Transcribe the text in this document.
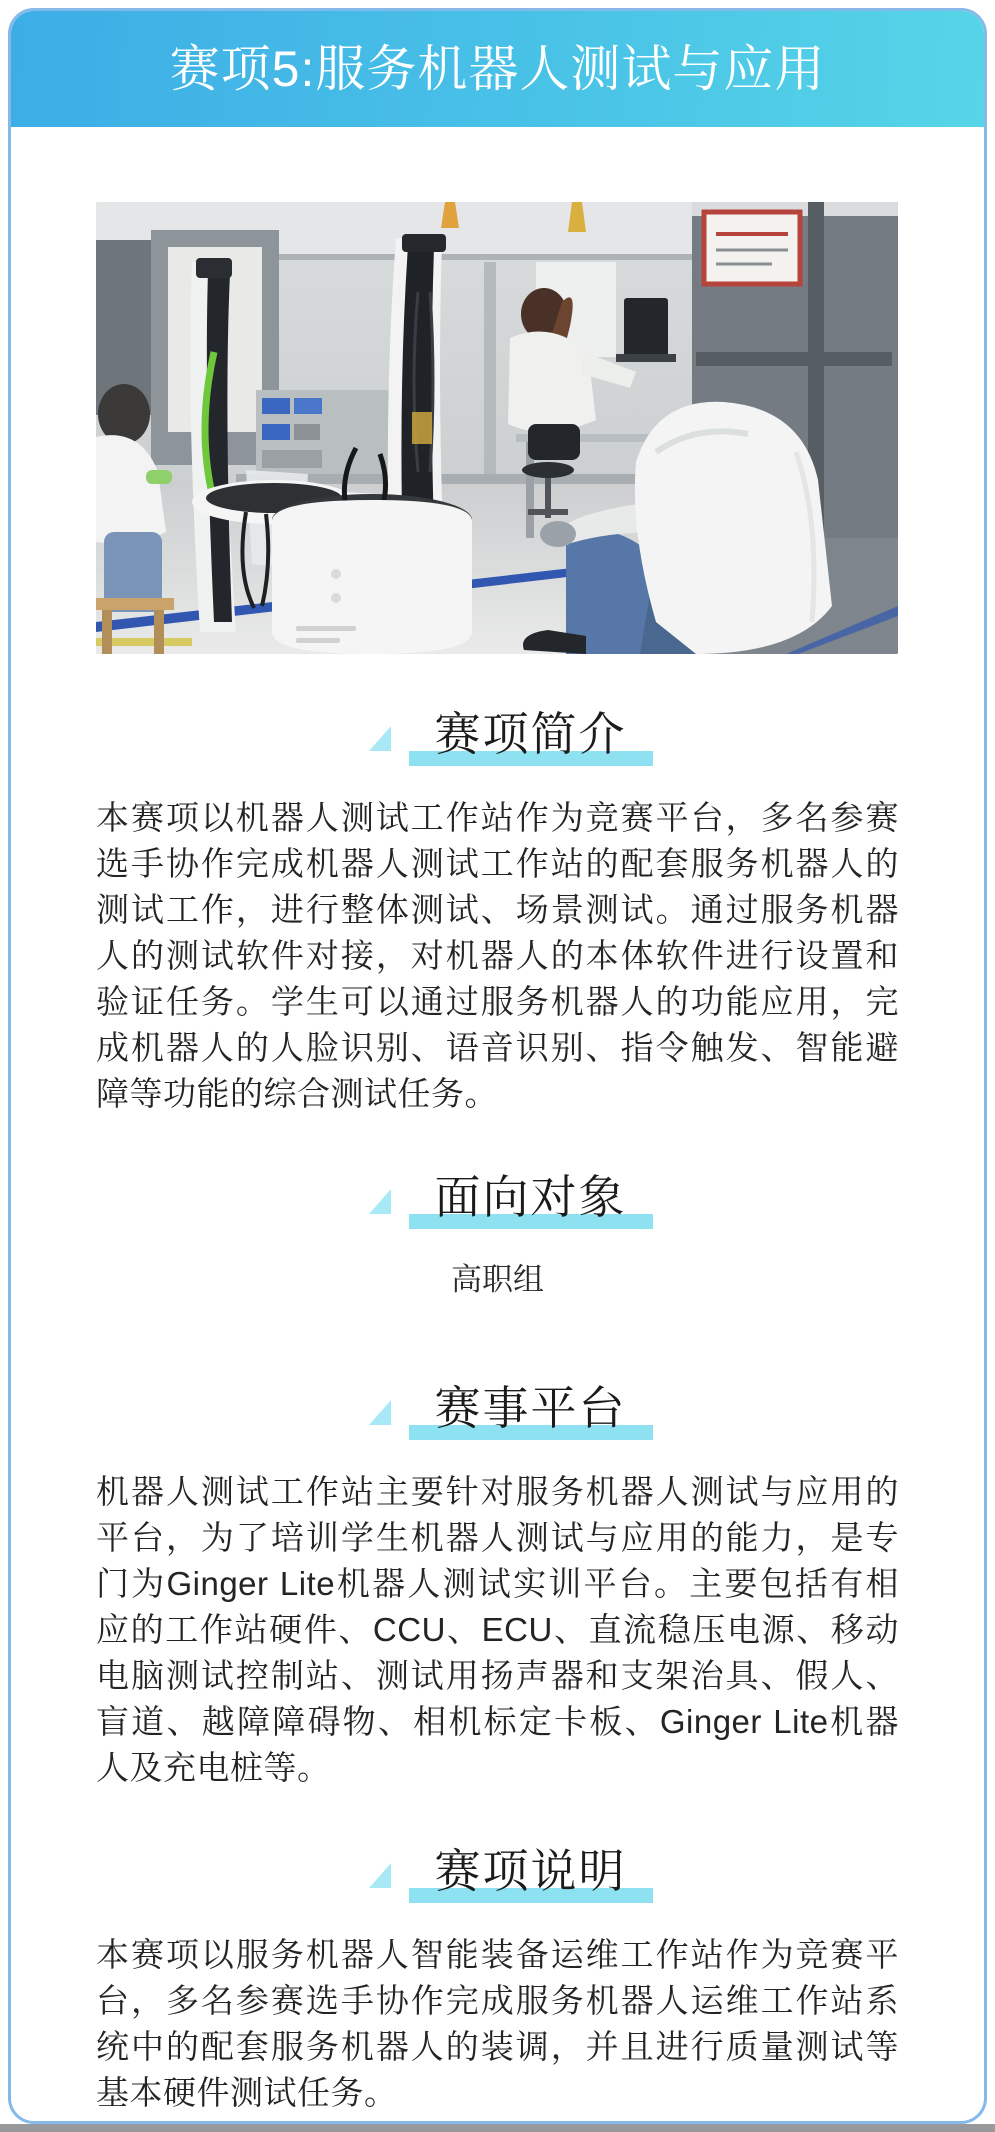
赛项5:服务机器人测试与应用
赛项简介

本赛项以机器人测试工作站作为竞赛平台，多名参赛选手协作完成机器人测试工作站的配套服务机器人的测试工作，进行整体测试、场景测试。通过服务机器人的测试软件对接，对机器人的本体软件进行设置和验证任务。学生可以通过服务机器人的功能应用，完成机器人的人脸识别、语音识别、指令触发、智能避障等功能的综合测试任务。

面向对象

高职组

赛事平台

机器人测试工作站主要针对服务机器人测试与应用的平台，为了培训学生机器人测试与应用的能力，是专门为Ginger Lite机器人测试实训平台。主要包括有相应的工作站硬件、CCU、ECU、直流稳压电源、移动电脑测试控制站、测试用扬声器和支架治具、假人、盲道、越障障碍物、相机标定卡板、Ginger Lite机器人及充电桩等。

赛项说明

本赛项以服务机器人智能装备运维工作站作为竞赛平台，多名参赛选手协作完成服务机器人运维工作站系统中的配套服务机器人的装调，并且进行质量测试等基本硬件测试任务。
